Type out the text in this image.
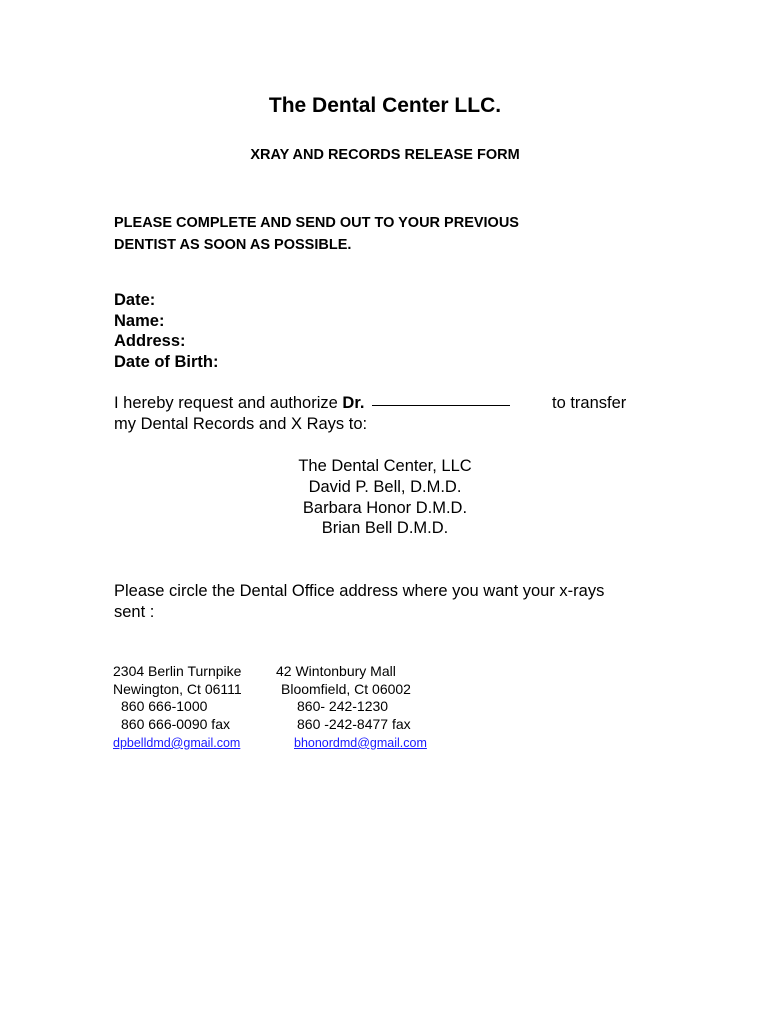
The Dental Center LLC.
XRAY AND RECORDS RELEASE FORM
PLEASE COMPLETE AND SEND OUT TO YOUR PREVIOUS
DENTIST AS SOON AS POSSIBLE.
Date:
Name:
Address:
Date of Birth:
I hereby request and authorize Dr.	to transfer
my Dental Records and X Rays to:
The Dental Center, LLC
David P. Bell, D.M.D.
Barbara Honor D.M.D.
Brian Bell D.M.D.
Please circle the Dental Office address where you want your x-rays
sent :
2304 Berlin Turnpike
Newington, Ct 06111
860 666-1000
860 666-0090 fax
dpbelldmd@gmail.com
42 Wintonbury Mall
Bloomfield, Ct 06002
860- 242-1230
860 -242-8477 fax
bhonordmd@gmail.com
